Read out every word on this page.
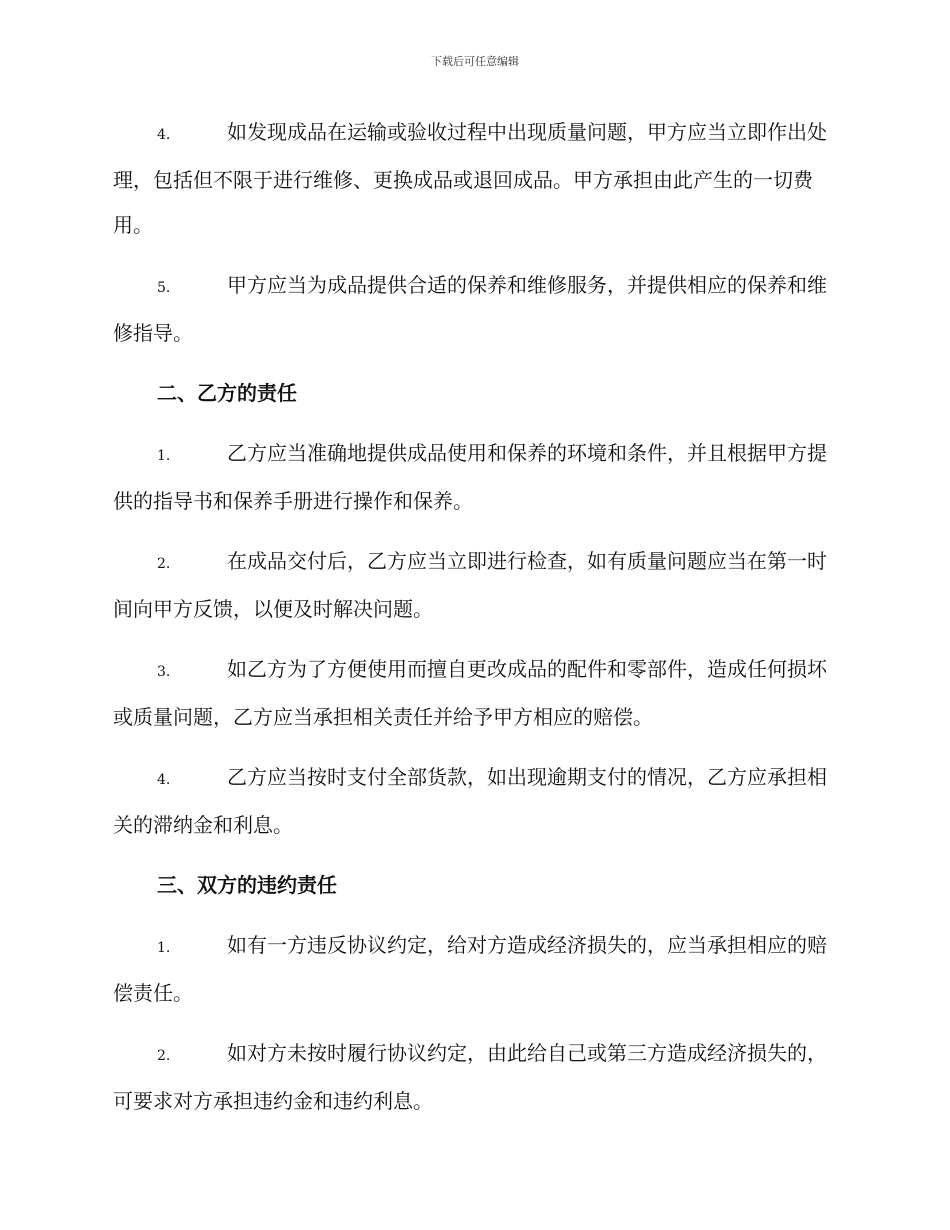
下载后可任意编辑

4.	如发现成品在运输或验收过程中出现质量问题，甲方应当立即作出处理，包括但不限于进行维修、更换成品或退回成品。甲方承担由此产生的一切费用。

5.	甲方应当为成品提供合适的保养和维修服务，并提供相应的保养和维修指导。

二、乙方的责任

1.	乙方应当准确地提供成品使用和保养的环境和条件，并且根据甲方提供的指导书和保养手册进行操作和保养。

2.	在成品交付后，乙方应当立即进行检查，如有质量问题应当在第一时间向甲方反馈，以便及时解决问题。

3.	如乙方为了方便使用而擅自更改成品的配件和零部件，造成任何损坏或质量问题，乙方应当承担相关责任并给予甲方相应的赔偿。

4.	乙方应当按时支付全部货款，如出现逾期支付的情况，乙方应承担相关的滞纳金和利息。

三、双方的违约责任

1.	如有一方违反协议约定，给对方造成经济损失的，应当承担相应的赔偿责任。

2.	如对方未按时履行协议约定，由此给自己或第三方造成经济损失的，可要求对方承担违约金和违约利息。
